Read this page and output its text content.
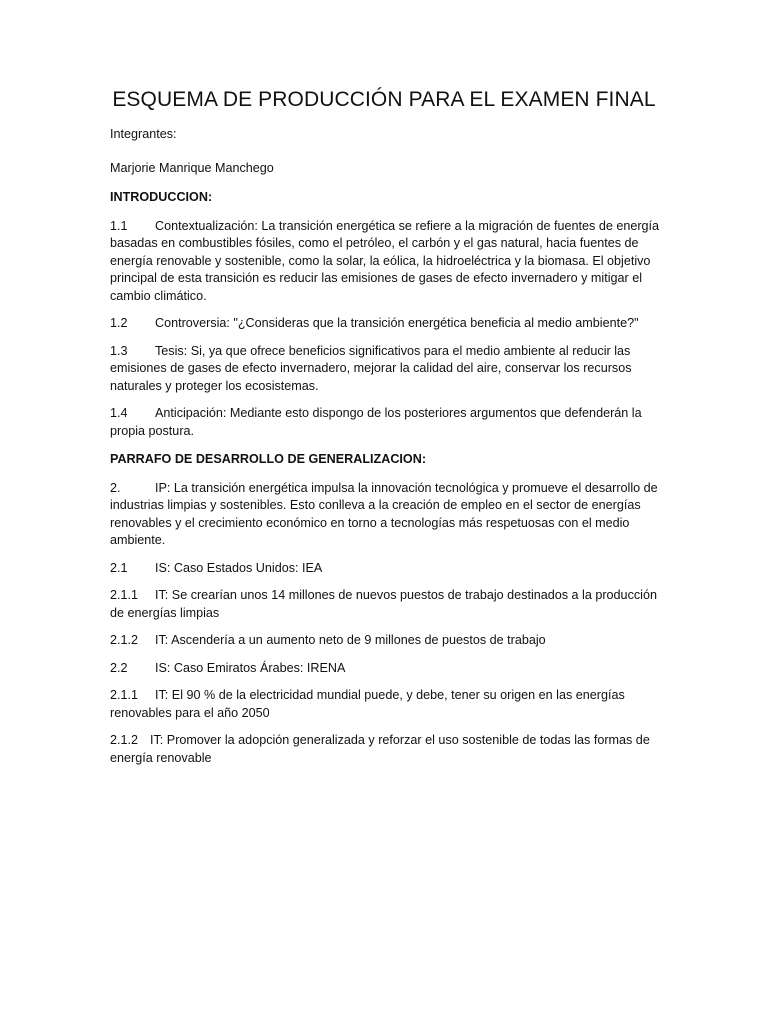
ESQUEMA DE PRODUCCIÓN PARA EL EXAMEN FINAL

Integrantes:

Marjorie Manrique Manchego

INTRODUCCION:

1.1 Contextualización: La transición energética se refiere a la migración de fuentes de energía basadas en combustibles fósiles, como el petróleo, el carbón y el gas natural, hacia fuentes de energía renovable y sostenible, como la solar, la eólica, la hidroeléctrica y la biomasa. El objetivo principal de esta transición es reducir las emisiones de gases de efecto invernadero y mitigar el cambio climático.

1.2 Controversia: "¿Consideras que la transición energética beneficia al medio ambiente?"

1.3 Tesis: Si, ya que ofrece beneficios significativos para el medio ambiente al reducir las emisiones de gases de efecto invernadero, mejorar la calidad del aire, conservar los recursos naturales y proteger los ecosistemas.

1.4 Anticipación: Mediante esto dispongo de los posteriores argumentos que defenderán la propia postura.

PARRAFO DE DESARROLLO DE GENERALIZACION:

2.	IP: La transición energética impulsa la innovación tecnológica y promueve el desarrollo de industrias limpias y sostenibles. Esto conlleva a la creación de empleo en el sector de energías renovables y el crecimiento económico en torno a tecnologías más respetuosas con el medio ambiente.

2.1 IS: Caso Estados Unidos: IEA

2.1.1 IT: Se crearían unos 14 millones de nuevos puestos de trabajo destinados a la producción de energías limpias

2.1.2 IT: Ascendería a un aumento neto de 9 millones de puestos de trabajo

2.2 IS: Caso Emiratos Árabes: IRENA

2.1.1 IT: El 90 % de la electricidad mundial puede, y debe, tener su origen en las energías renovables para el año 2050

2.1.2 IT: Promover la adopción generalizada y reforzar el uso sostenible de todas las formas de energía renovable
